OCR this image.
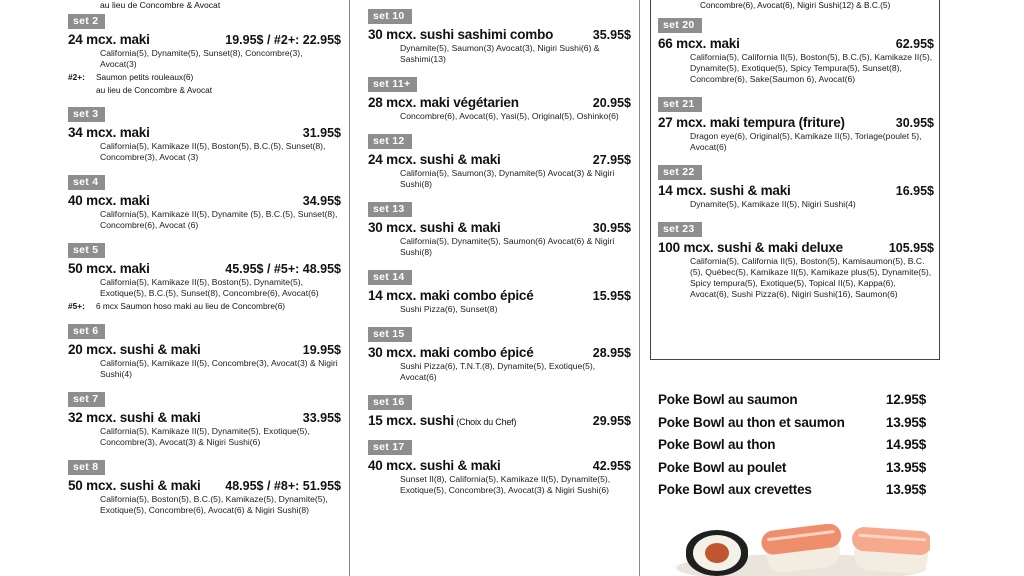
au lieu de Concombre & Avocat
set 2
24 mcx. maki	19.95$ / #2+: 22.95$
California(5), Dynamite(5), Sunset(8), Concombre(3), Avocat(3)
#2+:	Saumon petits rouleaux(6)
au lieu de Concombre & Avocat
set 3
34 mcx. maki	31.95$
California(5), Kamikaze II(5), Boston(5), B.C.(5), Sunset(8), Concombre(3), Avocat (3)
set 4
40 mcx. maki	34.95$
California(5), Kamikaze II(5), Dynamite (5), B.C.(5), Sunset(8), Concombre(6), Avocat (6)
set 5
50 mcx. maki	45.95$ / #5+: 48.95$
California(5), Kamikaze II(5), Boston(5), Dynamite(5), Exotique(5), B.C.(5), Sunset(8), Concombre(6), Avocat(6)
#5+:	6 mcx Saumon hoso maki au lieu de Concombre(6)
set 6
20 mcx. sushi & maki	19.95$
California(5), Kamikaze II(5), Concombre(3), Avocat(3) & Nigiri Sushi(4)
set 7
32 mcx. sushi & maki	33.95$
California(5), Kamikaze II(5), Dynamite(5), Exotique(5), Concombre(3), Avocat(3) & Nigiri Sushi(6)
set 8
50 mcx. sushi & maki	48.95$ / #8+: 51.95$
California(5), Boston(5), B.C.(5), Kamikaze(5), Dynamite(5), Exotique(5), Concombre(6), Avocat(6) & Nigiri Sushi(8)
set 10
30 mcx. sushi sashimi combo	35.95$
Dynamite(5), Saumon(3) Avocat(3), Nigiri Sushi(6) & Sashimi(13)
set 11+
28 mcx. maki végétarien	20.95$
Concombre(6), Avocat(6), Yasi(5), Original(5), Oshinko(6)
set 12
24 mcx. sushi & maki	27.95$
California(5), Saumon(3), Dynamite(5) Avocat(3) & Nigiri Sushi(8)
set 13
30 mcx. sushi & maki	30.95$
California(5), Dynamite(5), Saumon(6) Avocat(6) & Nigiri Sushi(8)
set 14
14 mcx. maki combo épicé	15.95$
Sushi Pizza(6), Sunset(8)
set 15
30 mcx. maki combo épicé	28.95$
Sushi Pizza(6), T.N.T.(8), Dynamite(5), Exotique(5), Avocat(6)
set 16
15 mcx. sushi (Choix du Chef)	29.95$
set 17
40 mcx. sushi & maki	42.95$
Sunset II(8), California(5), Kamikaze II(5), Dynamite(5), Exotique(5), Concombre(3), Avocat(3) & Nigiri Sushi(6)
Concombre(6), Avocat(6), Nigiri Sushi(12) & B.C.(5)
set 20
66 mcx. maki	62.95$
California(5), California II(5), Boston(5), B.C.(5), Kamikaze II(5), Dynamite(5), Exotique(5), Spicy Tempura(5), Sunset(8), Concombre(6), Sake(Saumon 6), Avocat(6)
set 21
27 mcx. maki tempura (friture)	30.95$
Dragon eye(6), Original(5), Kamikaze II(5), Toriage(poulet 5), Avocat(6)
set 22
14 mcx. sushi & maki	16.95$
Dynamite(5), Kamikaze II(5), Nigiri Sushi(4)
set 23
100 mcx. sushi & maki deluxe	105.95$
California(5), California II(5), Boston(5), Kamisaumon(5), B.C.(5), Québec(5), Kamikaze II(5), Kamikaze plus(5), Dynamite(5), Spicy tempura(5), Exotique(5), Topical II(5), Kappa(6), Avocat(6), Sushi Pizza(6), Nigiri Sushi(16), Saumon(6)
Poke Bowl au saumon	12.95$
Poke Bowl au thon et saumon	13.95$
Poke Bowl au thon	14.95$
Poke Bowl au poulet	13.95$
Poke Bowl aux crevettes	13.95$
